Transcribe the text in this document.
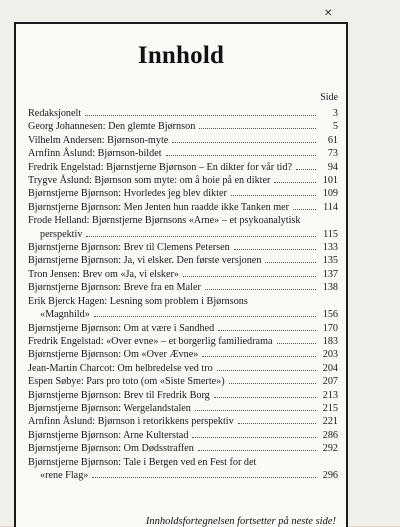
✕
Innhold
Side
Redaksjonelt	3
Georg Johannesen: Den glemte Bjørnson	5
Vilhelm Andersen: Bjørnson-myte	61
Arnfinn Åslund: Bjørnson-bildet	73
Fredrik Engelstad: Bjørnstjerne Bjørnson – En dikter for vår tid?	94
Trygve Åslund: Bjørnson som myte: om å hoie på en dikter	101
Bjørnstjerne Bjørnson: Hvorledes jeg blev dikter	109
Bjørnstjerne Bjørnson: Men Jenten hun raadde ikke Tanken mer	114
Frode Helland: Bjørnstjerne Bjørnsons «Arne» – et psykoanalytisk
perspektiv	115
Bjørnstjerne Bjørnson: Brev til Clemens Petersen	133
Bjørnstjerne Bjørnson: Ja, vi elsker. Den første versjonen	135
Tron Jensen: Brev om «Ja, vi elsker»	137
Bjørnstjerne Bjørnson: Breve fra en Maler	138
Erik Bjerck Hagen: Lesning som problem i Bjørnsons
«Magnhild»	156
Bjørnstjerne Bjørnson: Om at være i Sandhed	170
Fredrik Engelstad: «Over evne» – et borgerlig familiedrama	183
Bjørnstjerne Bjørnson: Om «Over Ævne»	203
Jean-Martin Charcot: Om helbredelse ved tro	204
Espen Søbye: Pars pro toto (om «Siste Smerte»)	207
Bjørnstjerne Bjørnson: Brev til Fredrik Borg	213
Bjørnstjerne Bjørnson: Wergelandstalen	215
Arnfinn Åslund: Bjørnson i retorikkens perspektiv	221
Bjørnstjerne Bjørnson: Arne Kulterstad	286
Bjørnstjerne Bjørnson: Om Dødsstraffen	292
Bjørnstjerne Bjørnson: Tale i Bergen ved en Fest for det
«rene Flag»	296
Innholdsfortegnelsen fortsetter på neste side!
